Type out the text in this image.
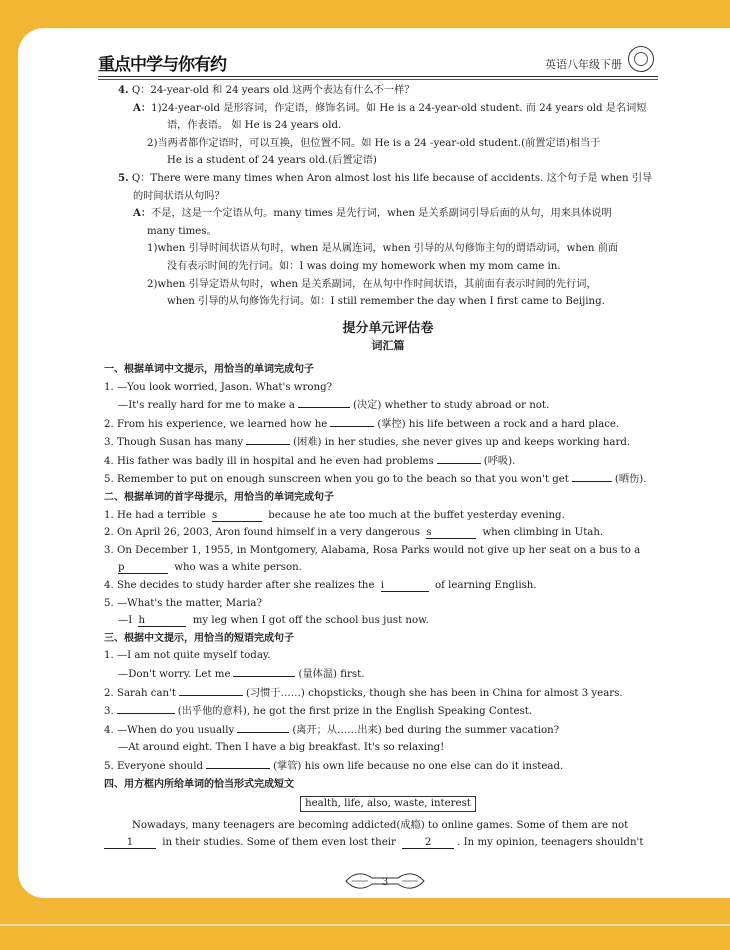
重点中学与你有约	英语八年级下册
4. Q：24-year-old 和 24 years old 这两个表达有什么不一样？
A：1)24-year-old 是形容词，作定语，修饰名词。如 He is a 24-year-old student. 而 24 years old 是名词短
语，作表语。 如 He is 24 years old.
2)当两者都作定语时，可以互换，但位置不同。如 He is a 24 -year-old student.(前置定语)相当于
He is a student of 24 years old.(后置定语)
5. Q：There were many times when Aron almost lost his life because of accidents. 这个句子是 when 引导
的时间状语从句吗？
A：不是，这是一个定语从句。many times 是先行词，when 是关系副词引导后面的从句，用来具体说明
many times。
1)when 引导时间状语从句时，when 是从属连词，when 引导的从句修饰主句的谓语动词，when 前面
没有表示时间的先行词。如：I was doing my homework when my mom came in.
2)when 引导定语从句时，when 是关系副词，在从句中作时间状语，其前面有表示时间的先行词，
when 引导的从句修饰先行词。如：I still remember the day when I first came to Beijing.
提分单元评估卷
词汇篇
一、根据单词中文提示，用恰当的单词完成句子
1. —You look worried, Jason. What's wrong?
—It's really hard for me to make a	(决定) whether to study abroad or not.
2. From his experience, we learned how he	(掌控) his life between a rock and a hard place.
3. Though Susan has many	(困难) in her studies, she never gives up and keeps working hard.
4. His father was badly ill in hospital and he even had problems	(呼吸).
5. Remember to put on enough sunscreen when you go to the beach so that you won't get	(晒伤).
二、根据单词的首字母提示，用恰当的单词完成句子
1. He had a terrible s	because he ate too much at the buffet yesterday evening.
2. On April 26, 2003, Aron found himself in a very dangerous s	when climbing in Utah.
3. On December 1, 1955, in Montgomery, Alabama, Rosa Parks would not give up her seat on a bus to a
p	who was a white person.
4. She decides to study harder after she realizes the i	of learning English.
5. —What's the matter, Maria?
—I h	my leg when I got off the school bus just now.
三、根据中文提示，用恰当的短语完成句子
1. —I am not quite myself today.
—Don't worry. Let me	(量体温) first.
2. Sarah can't	(习惯于……) chopsticks, though she has been in China for almost 3 years.
3.	(出乎他的意料), he got the first prize in the English Speaking Contest.
4. —When do you usually	(离开；从……出来) bed during the summer vacation?
—At around eight. Then I have a big breakfast. It's so relaxing!
5. Everyone should	(掌管) his own life because no one else can do it instead.
四、用方框内所给单词的恰当形式完成短文
health, life, also, waste, interest
Nowadays, many teenagers are becoming addicted(成瘾) to online games. Some of them are not
1	in their studies. Some of them even lost their	2	. In my opinion, teenagers shouldn't
3
